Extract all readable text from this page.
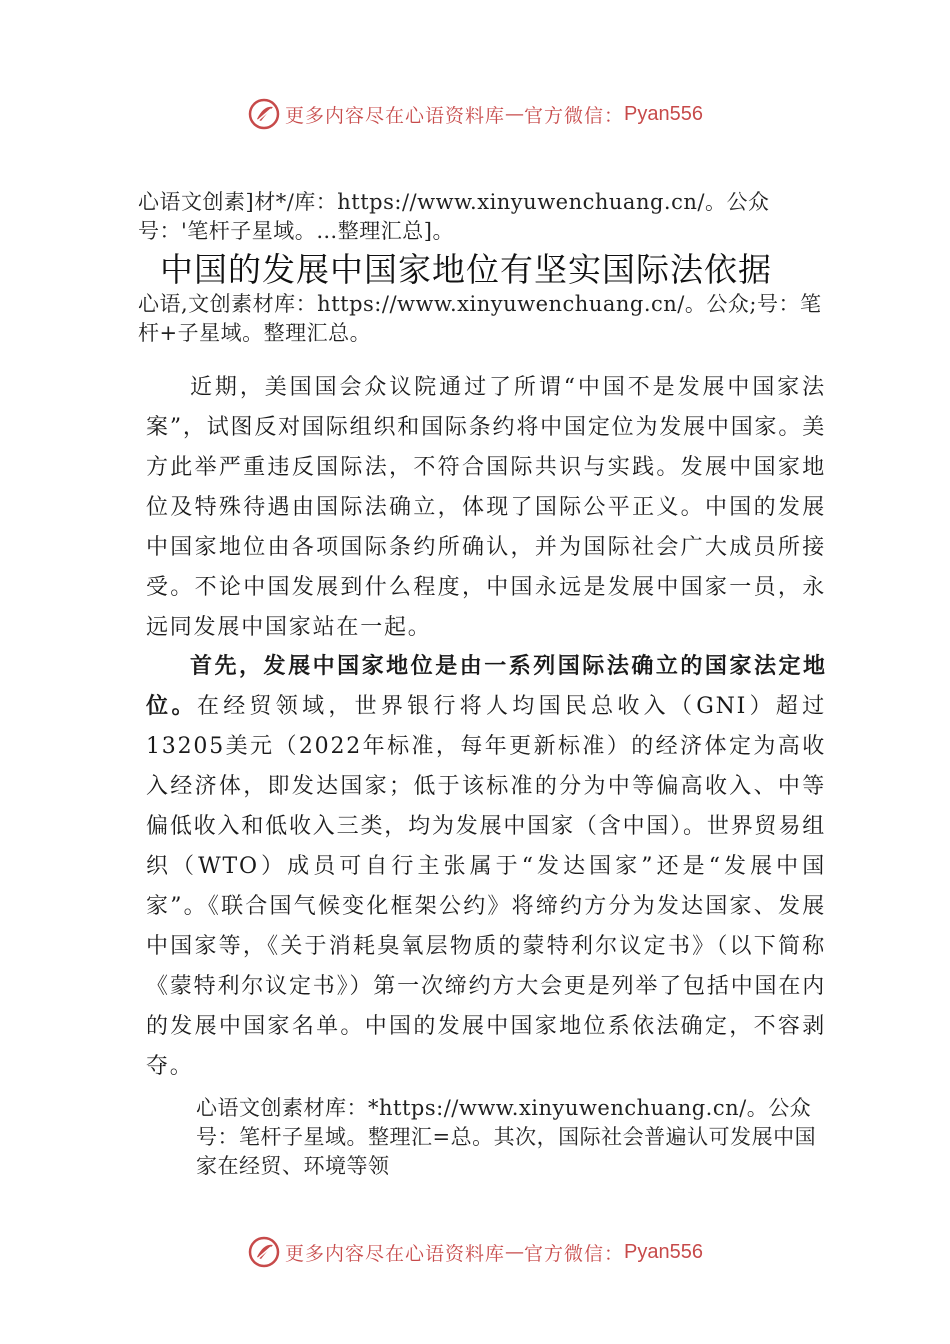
更多内容尽在心语资料库 — 官方微信： Pyan556
心语文创素]材*/库：https://www.xinyuwenchuang.cn/。公众号：'笔杆子星域。…整理汇总]。
中国的发展中国家地位有坚实国际法依据
心语,文创素材库：https://www.xinyuwenchuang.cn/。公众;号：笔杆+子星域。整理汇总。
近期，美国国会众议院通过了所谓“中国不是发展中国家法案”，试图反对国际组织和国际条约将中国定位为发展中国家。美方此举严重违反国际法，不符合国际共识与实践。发展中国家地位及特殊待遇由国际法确立，体现了国际公平正义。中国的发展中国家地位由各项国际条约所确认，并为国际社会广大成员所接受。不论中国发展到什么程度，中国永远是发展中国家一员，永远同发展中国家站在一起。
首先，发展中国家地位是由一系列国际法确立的国家法定地位。在经贸领域，世界银行将人均国民总收入（GNI）超过13205美元（2022年标准，每年更新标准）的经济体定为高收入经济体，即发达国家；低于该标准的分为中等偏高收入、中等偏低收入和低收入三类，均为发展中国家（含中国）。世界贸易组织（WTO）成员可自行主张属于“发达国家”还是“发展中国家”。《联合国气候变化框架公约》将缔约方分为发达国家、发展中国家等，《关于消耗臭氧层物质的蒙特利尔议定书》（以下简称《蒙特利尔议定书》）第一次缔约方大会更是列举了包括中国在内的发展中国家名单。中国的发展中国家地位系依法确定，不容剥夺。
心语文创素材库：*https://www.xinyuwenchuang.cn/。公众号：笔杆子星域。整理汇=总。其次，国际社会普遍认可发展中国家在经贸、环境等领
更多内容尽在心语资料库 — 官方微信： Pyan556
